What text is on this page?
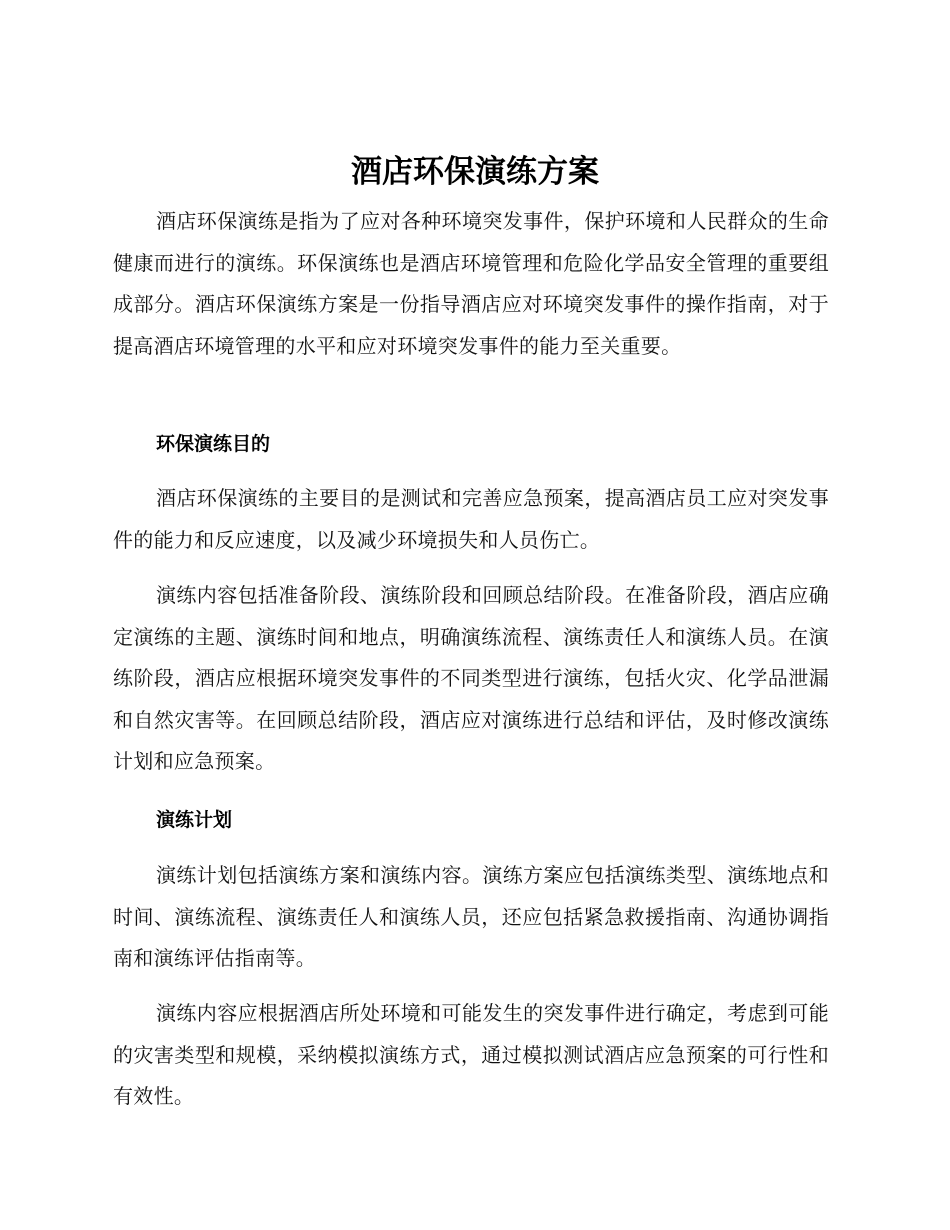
酒店环保演练方案

酒店环保演练是指为了应对各种环境突发事件，保护环境和人民群众的生命健康而进行的演练。环保演练也是酒店环境管理和危险化学品安全管理的重要组成部分。酒店环保演练方案是一份指导酒店应对环境突发事件的操作指南，对于提高酒店环境管理的水平和应对环境突发事件的能力至关重要。

环保演练目的

酒店环保演练的主要目的是测试和完善应急预案，提高酒店员工应对突发事件的能力和反应速度，以及减少环境损失和人员伤亡。

演练内容包括准备阶段、演练阶段和回顾总结阶段。在准备阶段，酒店应确定演练的主题、演练时间和地点，明确演练流程、演练责任人和演练人员。在演练阶段，酒店应根据环境突发事件的不同类型进行演练，包括火灾、化学品泄漏和自然灾害等。在回顾总结阶段，酒店应对演练进行总结和评估，及时修改演练计划和应急预案。

演练计划

演练计划包括演练方案和演练内容。演练方案应包括演练类型、演练地点和时间、演练流程、演练责任人和演练人员，还应包括紧急救援指南、沟通协调指南和演练评估指南等。

演练内容应根据酒店所处环境和可能发生的突发事件进行确定，考虑到可能的灾害类型和规模，采纳模拟演练方式，通过模拟测试酒店应急预案的可行性和有效性。
